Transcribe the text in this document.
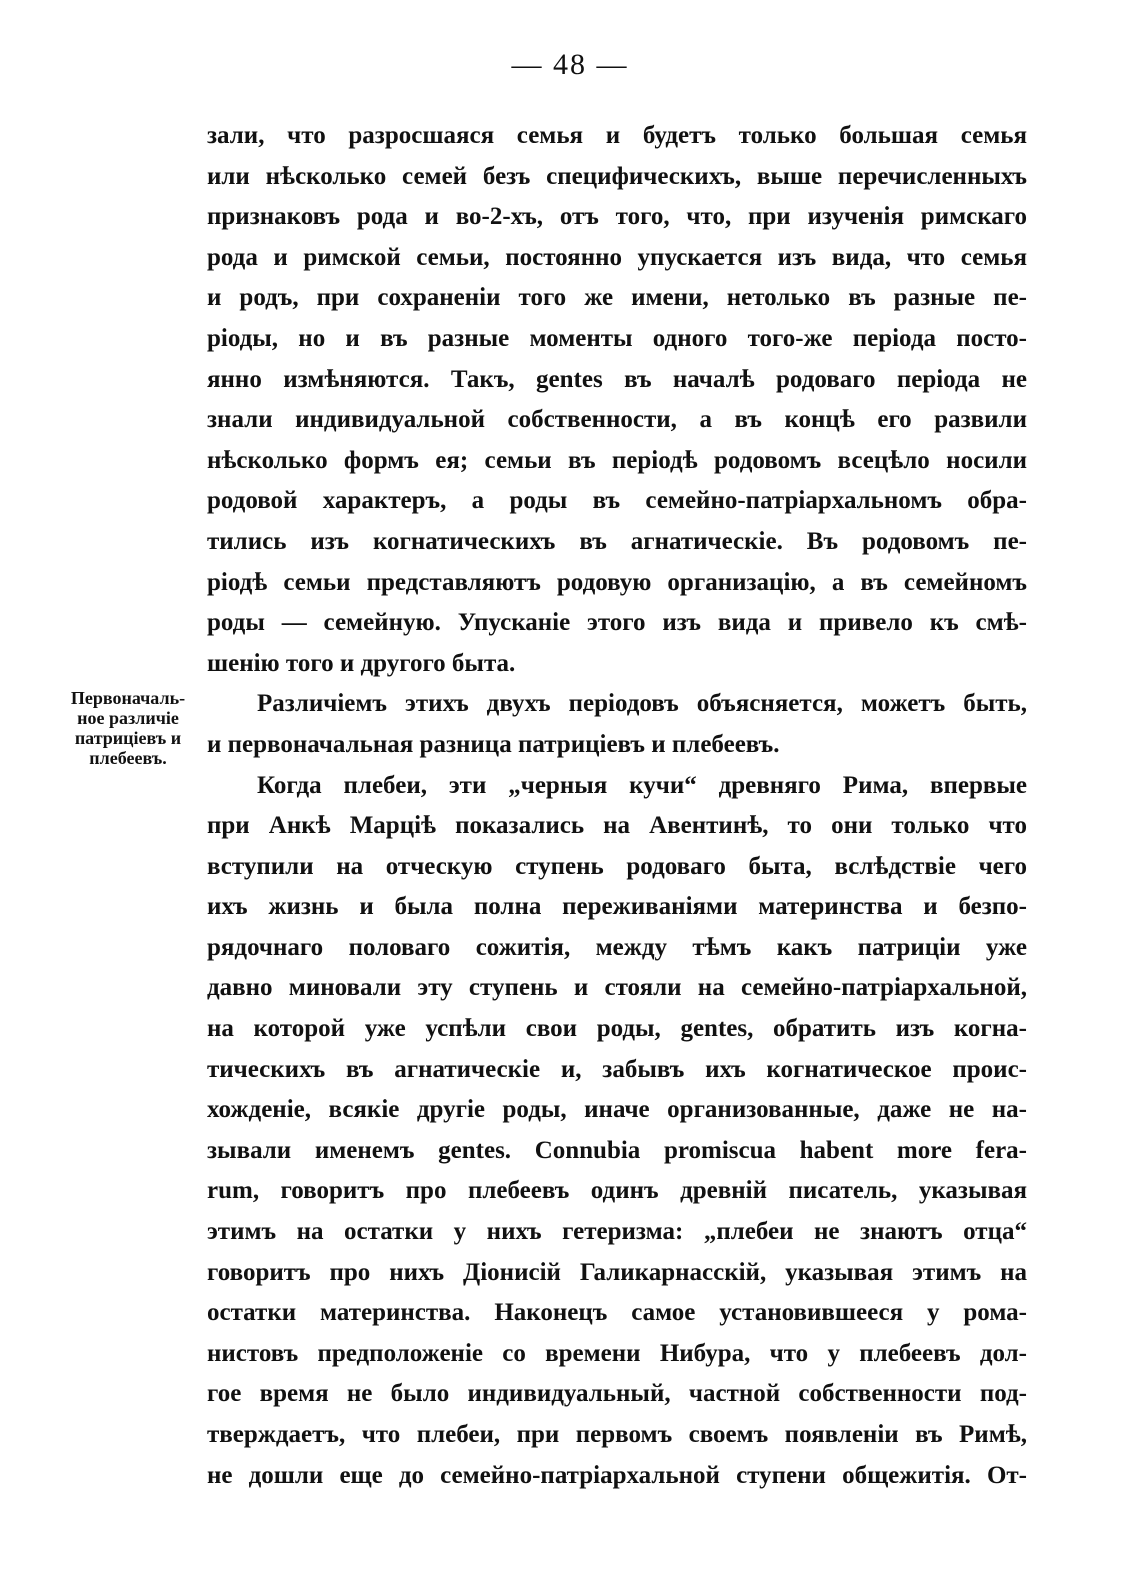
— 48 —
Первоначаль-
ное различіе
патриціевъ и
плебеевъ.
зали, что разросшаяся семья и будетъ только большая семья
или нѣсколько семей безъ специфическихъ, выше перечисленныхъ
признаковъ рода и во-2-хъ, отъ того, что, при изученія римскаго
рода и римской семьи, постоянно упускается изъ вида, что семья
и родъ, при сохраненіи того же имени, нетолько въ разные пе-
ріоды, но и въ разные моменты одного того-же періода посто-
янно измѣняются. Такъ, gentes въ началѣ родоваго періода не
знали индивидуальной собственности, а въ концѣ его развили
нѣсколько формъ ея; семьи въ періодѣ родовомъ всецѣло носили
родовой характеръ, а роды въ семейно-патріархальномъ обра-
тились изъ когнатическихъ въ агнатическіе. Въ родовомъ пе-
ріодѣ семьи представляютъ родовую организацію, а въ семейномъ
роды — семейную. Упусканіе этого изъ вида и привело къ смѣ-
шенію того и другого быта.
Различіемъ этихъ двухъ періодовъ объясняется, можетъ быть,
и первоначальная разница патриціевъ и плебеевъ.
Когда плебеи, эти „черныя кучи“ древняго Рима, впервые
при Анкѣ Марціѣ показались на Авентинѣ, то они только что
вступили на отческую ступень родоваго быта, вслѣдствіе чего
ихъ жизнь и была полна переживаніями материнства и безпо-
рядочнаго половаго сожитія, между тѣмъ какъ патриціи уже
давно миновали эту ступень и стояли на семейно-патріархальной,
на которой уже успѣли свои роды, gentes, обратить изъ когна-
тическихъ въ агнатическіе и, забывъ ихъ когнатическое проис-
хожденіе, всякіе другіе роды, иначе организованные, даже не на-
зывали именемъ gentes. Connubia promiscua habent more fera-
rum, говоритъ про плебеевъ одинъ древній писатель, указывая
этимъ на остатки у нихъ гетеризма: „плебеи не знаютъ отца“
говоритъ про нихъ Діонисій Галикарнасскій, указывая этимъ на
остатки материнства. Наконецъ самое установившееся у рома-
нистовъ предположеніе со времени Нибура, что у плебеевъ дол-
гое время не было индивидуальный, частной собственности под-
тверждаетъ, что плебеи, при первомъ своемъ появленіи въ Римѣ,
не дошли еще до семейно-патріархальной ступени общежитія. От-
